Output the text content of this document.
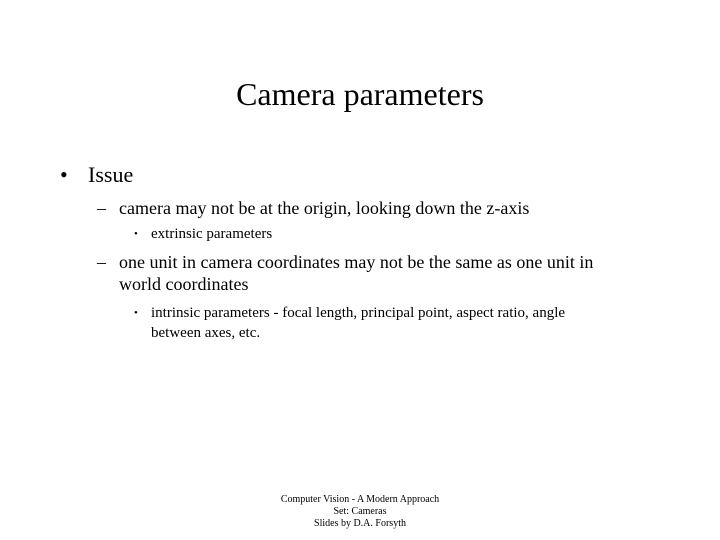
Camera parameters
• Issue
– camera may not be at the origin, looking down the z-axis
• extrinsic parameters
– one unit in camera coordinates may not be the same as one unit in
world coordinates
• intrinsic parameters - focal length, principal point, aspect ratio, angle
between axes, etc.
Computer Vision - A Modern Approach
Set: Cameras
Slides by D.A. Forsyth
